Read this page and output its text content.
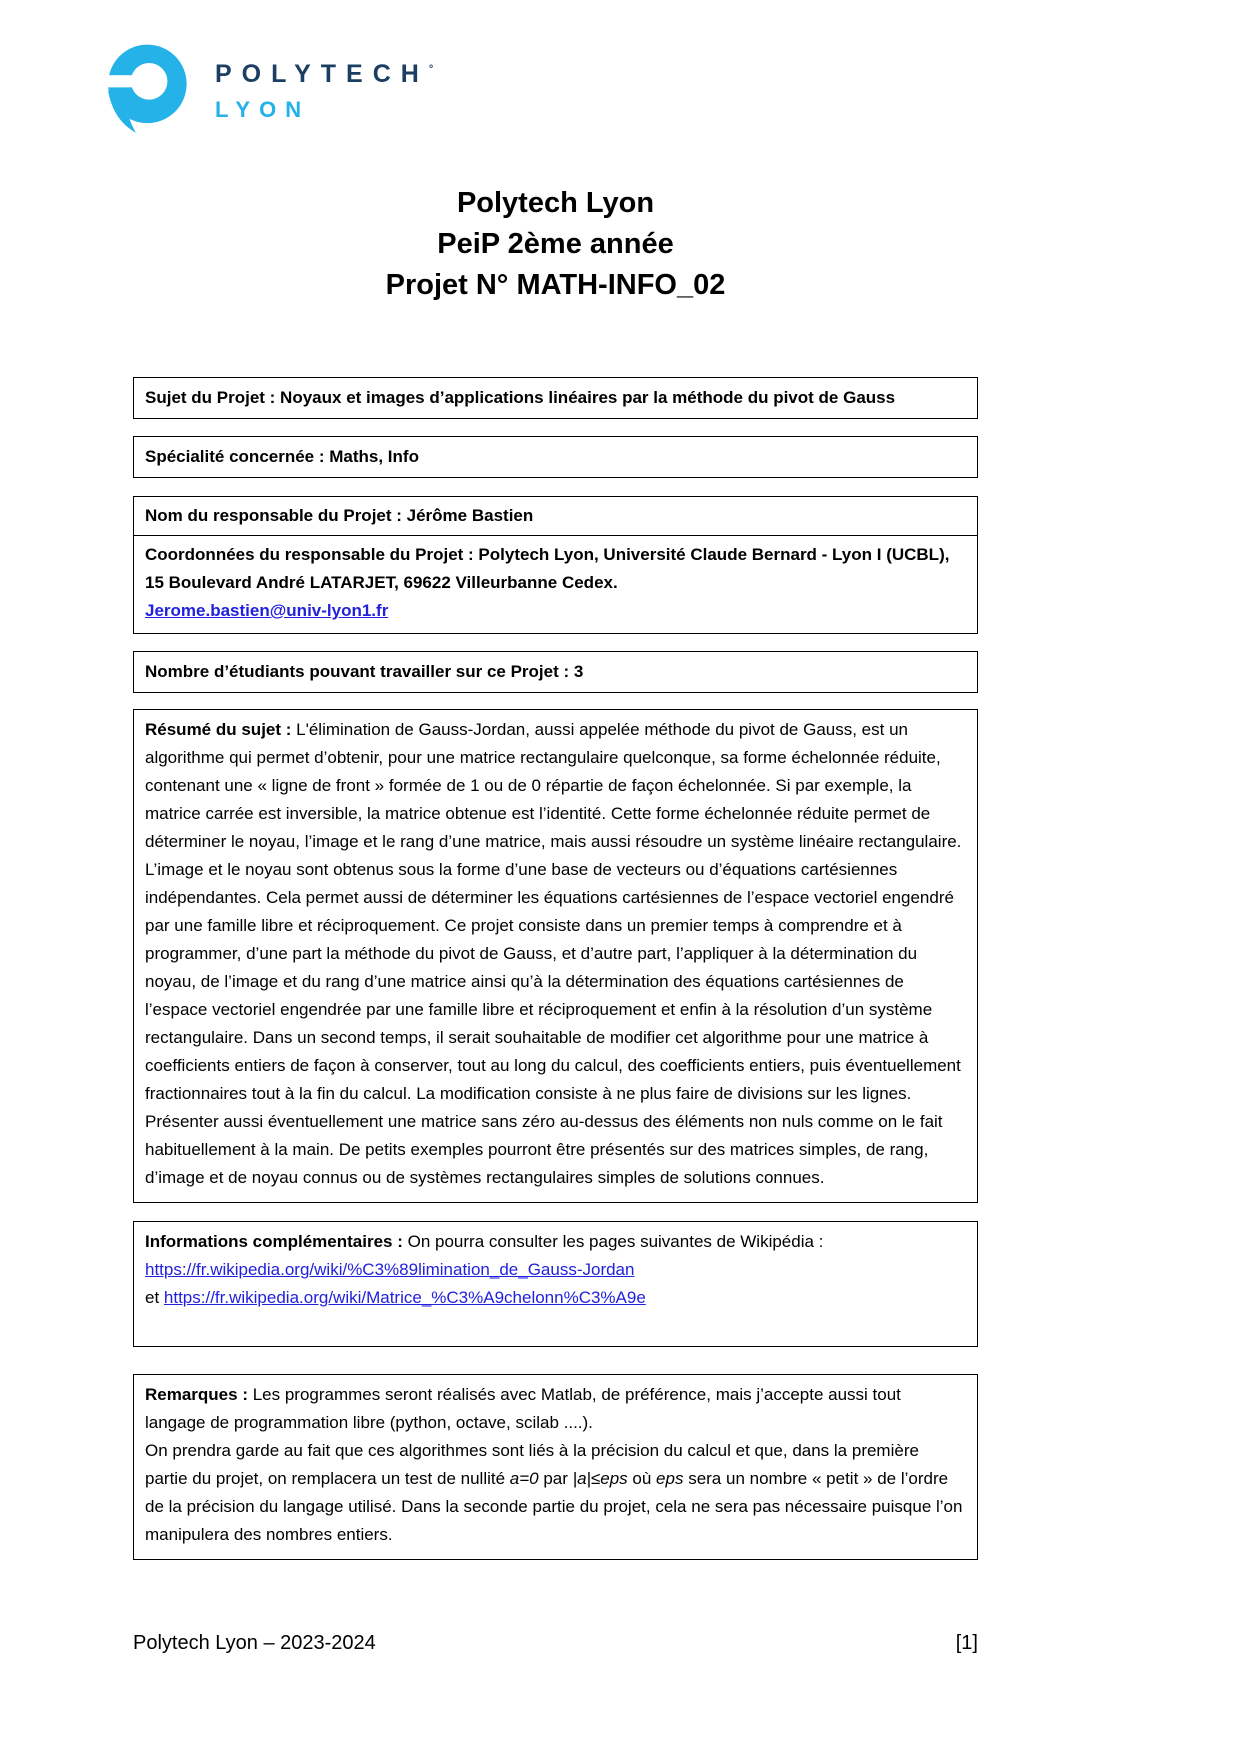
POLYTECH°
LYON
Polytech Lyon
PeiP 2ème année
Projet N° MATH-INFO_02

Sujet du Projet : Noyaux et images d’applications linéaires par la méthode du pivot de Gauss

Spécialité concernée : Maths, Info

Nom du responsable du Projet : Jérôme Bastien

Coordonnées du responsable du Projet : Polytech Lyon, Université Claude Bernard - Lyon I (UCBL), 15 Boulevard André LATARJET, 69622 Villeurbanne Cedex.

Jerome.bastien@univ-lyon1.fr

Nombre d’étudiants pouvant travailler sur ce Projet : 3

Résumé du sujet : L'élimination de Gauss-Jordan, aussi appelée méthode du pivot de Gauss, est un algorithme qui permet d’obtenir, pour une matrice rectangulaire quelconque, sa forme échelonnée réduite, contenant une « ligne de front » formée de 1 ou de 0 répartie de façon échelonnée. Si par exemple, la matrice carrée est inversible, la matrice obtenue est l’identité. Cette forme échelonnée réduite permet de déterminer le noyau, l’image et le rang d’une matrice, mais aussi résoudre un système linéaire rectangulaire. L’image et le noyau sont obtenus sous la forme d’une base de vecteurs ou d’équations cartésiennes indépendantes. Cela permet aussi de déterminer les équations cartésiennes de l’espace vectoriel engendré par une famille libre et réciproquement. Ce projet consiste dans un premier temps à comprendre et à programmer, d’une part la méthode du pivot de Gauss, et d’autre part, l’appliquer à la détermination du noyau, de l’image et du rang d’une matrice ainsi qu’à la détermination des équations cartésiennes de l’espace vectoriel engendrée par une famille libre et réciproquement et enfin à la résolution d’un système rectangulaire. Dans un second temps, il serait souhaitable de modifier cet algorithme pour une matrice à coefficients entiers de façon à conserver, tout au long du calcul, des coefficients entiers, puis éventuellement fractionnaires tout à la fin du calcul. La modification consiste à ne plus faire de divisions sur les lignes. Présenter aussi éventuellement une matrice sans zéro au-dessus des éléments non nuls comme on le fait habituellement à la main. De petits exemples pourront être présentés sur des matrices simples, de rang, d’image et de noyau connus ou de systèmes rectangulaires simples de solutions connues.

Informations complémentaires : On pourra consulter les pages suivantes de Wikipédia :

https://fr.wikipedia.org/wiki/%C3%89limination_de_Gauss-Jordan

et https://fr.wikipedia.org/wiki/Matrice_%C3%A9chelonn%C3%A9e

Remarques : Les programmes seront réalisés avec Matlab, de préférence, mais j’accepte aussi tout langage de programmation libre (python, octave, scilab ....).

On prendra garde au fait que ces algorithmes sont liés à la précision du calcul et que, dans la première partie du projet, on remplacera un test de nullité a=0 par |a|≤eps où eps sera un nombre « petit » de l’ordre de la précision du langage utilisé. Dans la seconde partie du projet, cela ne sera pas nécessaire puisque l’on manipulera des nombres entiers.

Polytech Lyon – 2023-2024	[1]
